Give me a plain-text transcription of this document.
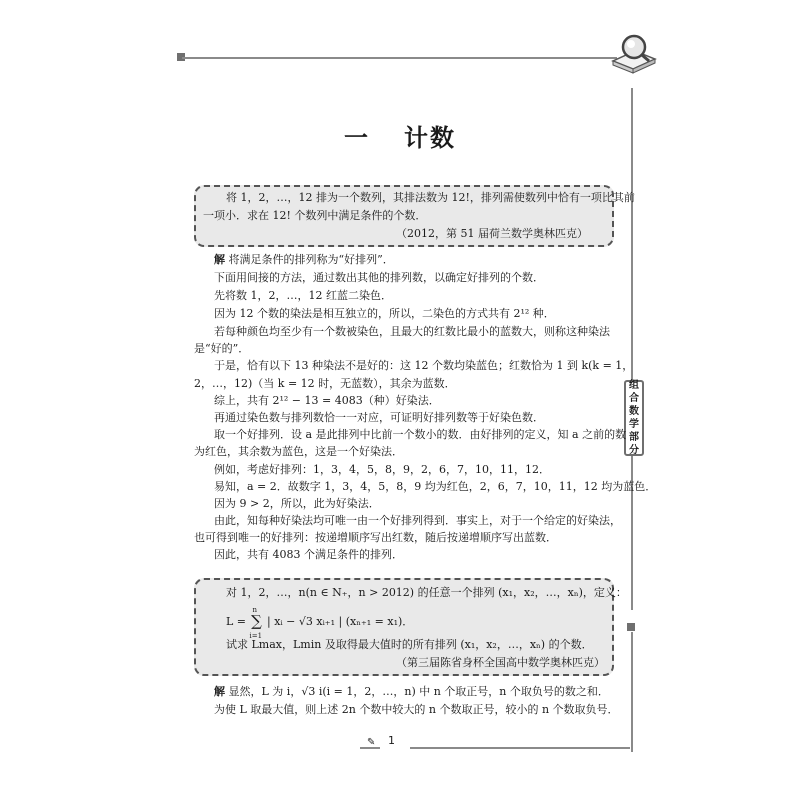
组
合
数
学
部
分
一 计数
将 1，2，…，12 排为一个数列，其排法数为 12!，排列需使数列中恰有一项比其前
一项小．求在 12! 个数列中满足条件的个数．
（2012，第 51 届荷兰数学奥林匹克）
解 将满足条件的排列称为“好排列”．
下面用间接的方法，通过数出其他的排列数，以确定好排列的个数．
先将数 1，2，…，12 红蓝二染色．
因为 12 个数的染法是相互独立的，所以，二染色的方式共有 2¹² 种．
若每种颜色均至少有一个数被染色，且最大的红数比最小的蓝数大，则称这种染法
是“好的”．
于是，恰有以下 13 种染法不是好的：这 12 个数均染蓝色；红数恰为 1 到 k(k = 1，
2，…，12)（当 k = 12 时，无蓝数），其余为蓝数．
综上，共有 2¹² − 13 = 4083（种）好染法．
再通过染色数与排列数恰一一对应，可证明好排列数等于好染色数．
取一个好排列．设 a 是此排列中比前一个数小的数．由好排列的定义，知 a 之前的数
为红色，其余数为蓝色，这是一个好染法．
例如，考虑好排列：1，3，4，5，8，9，2，6，7，10，11，12．
易知，a = 2．故数字 1，3，4，5，8，9 均为红色，2，6，7，10，11，12 均为蓝色．
因为 9 > 2，所以，此为好染法．
由此，知每种好染法均可唯一由一个好排列得到．事实上，对于一个给定的好染法，
也可得到唯一的好排列：按递增顺序写出红数，随后按递增顺序写出蓝数．
因此，共有 4083 个满足条件的排列．
对 1，2，…，n(n ∈ N₊，n > 2012) 的任意一个排列 (x₁，x₂，…，xₙ)，定义：
L =
n
∑
i=1
| xᵢ − √3 xᵢ₊₁ | (xₙ₊₁ = x₁)．
试求 Lmax，Lmin 及取得最大值时的所有排列 (x₁，x₂，…，xₙ) 的个数．
（第三届陈省身杯全国高中数学奥林匹克）
解 显然，L 为 i，√3 i(i = 1，2，…，n) 中 n 个取正号，n 个取负号的数之和．
为使 L 取最大值，则上述 2n 个数中较大的 n 个数取正号，较小的 n 个数取负号．
✎ 1
